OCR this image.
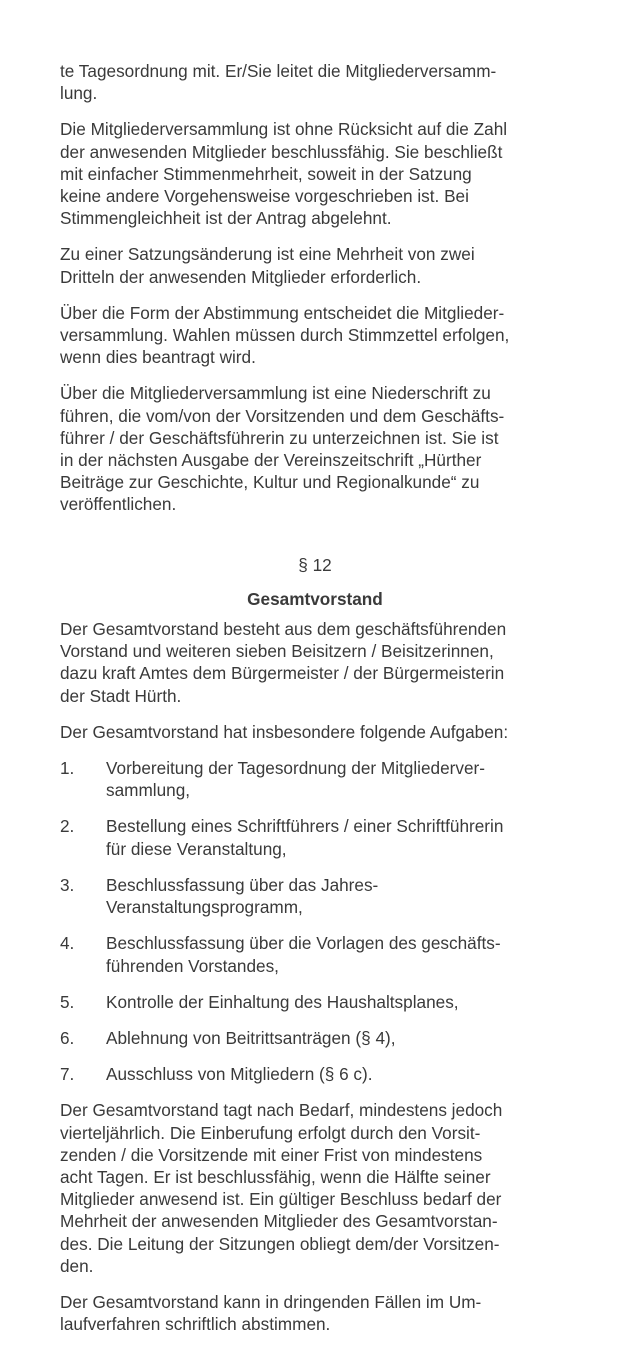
te Tagesordnung mit. Er/Sie leitet die Mitgliederversamm-
lung.

Die Mitgliederversammlung ist ohne Rücksicht auf die Zahl
der anwesenden Mitglieder beschlussfähig. Sie beschließt
mit einfacher Stimmenmehrheit, soweit in der Satzung
keine andere Vorgehensweise vorgeschrieben ist. Bei
Stimmengleichheit ist der Antrag abgelehnt.

Zu einer Satzungsänderung ist eine Mehrheit von zwei
Dritteln der anwesenden Mitglieder erforderlich.

Über die Form der Abstimmung entscheidet die Mitglieder-
versammlung. Wahlen müssen durch Stimmzettel erfolgen,
wenn dies beantragt wird.

Über die Mitgliederversammlung ist eine Niederschrift zu
führen, die vom/von der Vorsitzenden und dem Geschäfts-
führer / der Geschäftsführerin zu unterzeichnen ist. Sie ist
in der nächsten Ausgabe der Vereinszeitschrift „Hürther
Beiträge zur Geschichte, Kultur und Regionalkunde“ zu
veröffentlichen.

§ 12
Gesamtvorstand

Der Gesamtvorstand besteht aus dem geschäftsführenden
Vorstand und weiteren sieben Beisitzern / Beisitzerinnen,
dazu kraft Amtes dem Bürgermeister / der Bürgermeisterin
der Stadt Hürth.

Der Gesamtvorstand hat insbesondere folgende Aufgaben:

1.	Vorbereitung der Tagesordnung der Mitgliederver-
sammlung,
2.	Bestellung eines Schriftführers / einer Schriftführerin
für diese Veranstaltung,
3.	Beschlussfassung über das Jahres-
Veranstaltungsprogramm,
4.	Beschlussfassung über die Vorlagen des geschäfts-
führenden Vorstandes,
5.	Kontrolle der Einhaltung des Haushaltsplanes,
6.	Ablehnung von Beitrittsanträgen (§ 4),
7.	Ausschluss von Mitgliedern (§ 6 c).

Der Gesamtvorstand tagt nach Bedarf, mindestens jedoch
vierteljährlich. Die Einberufung erfolgt durch den Vorsit-
zenden / die Vorsitzende mit einer Frist von mindestens
acht Tagen. Er ist beschlussfähig, wenn die Hälfte seiner
Mitglieder anwesend ist. Ein gültiger Beschluss bedarf der
Mehrheit der anwesenden Mitglieder des Gesamtvorstan-
des. Die Leitung der Sitzungen obliegt dem/der Vorsitzen-
den.

Der Gesamtvorstand kann in dringenden Fällen im Um-
laufverfahren schriftlich abstimmen.
